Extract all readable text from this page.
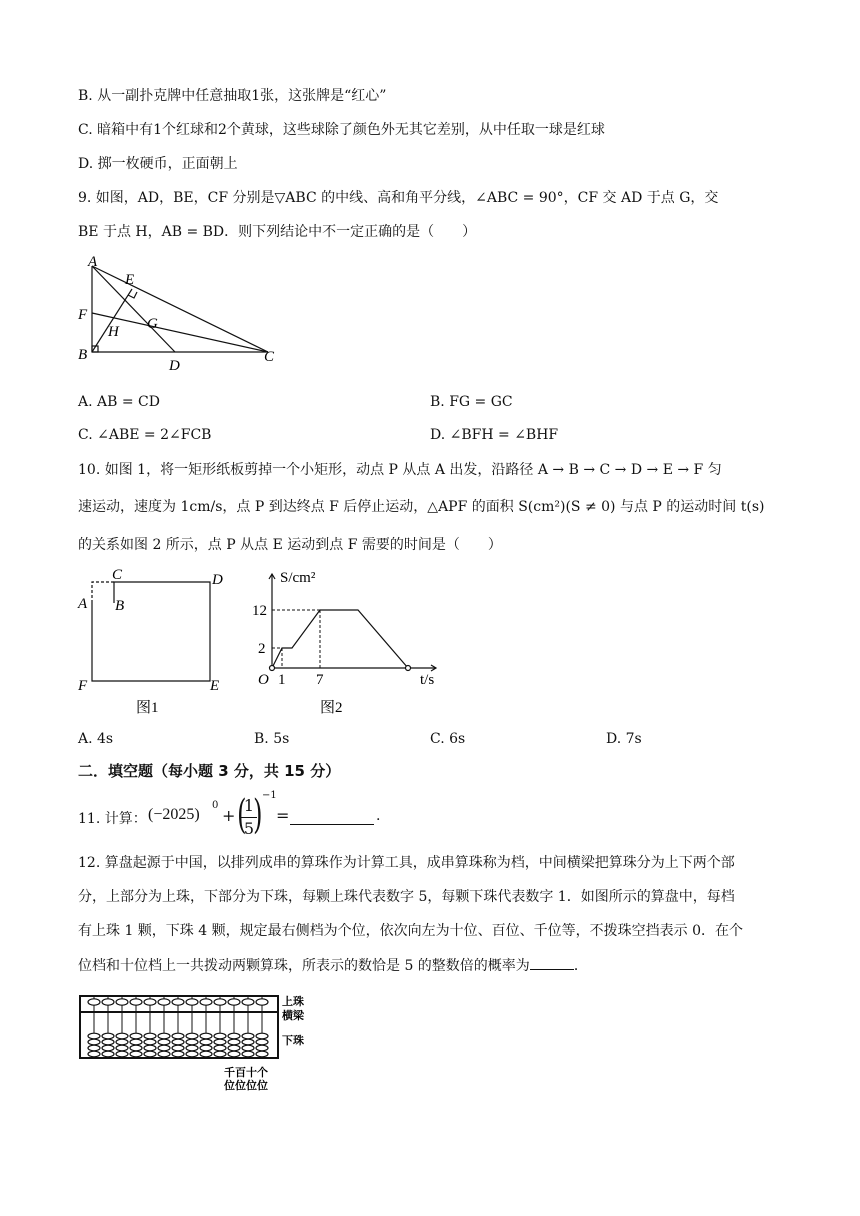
B. 从一副扑克牌中任意抽取1张，这张牌是“红心”
C. 暗箱中有1个红球和2个黄球，这些球除了颜色外无其它差别，从中任取一球是红球
D. 掷一枚硬币，正面朝上
9. 如图，AD，BE，CF 分别是▽ABC 的中线、高和角平分线，∠ABC = 90°，CF 交 AD 于点 G，交
BE 于点 H，AB = BD．则下列结论中不一定正确的是（　　）
A
E
F
G
H
B
D
C
A. AB = CD	B. FG = GC
C. ∠ABE = 2∠FCB	D. ∠BFH = ∠BHF
10. 如图 1，将一矩形纸板剪掉一个小矩形，动点 P 从点 A 出发，沿路径 A → B → C → D → E → F 匀
速运动，速度为 1cm/s，点 P 到达终点 F 后停止运动，△APF 的面积 S(cm²)(S ≠ 0) 与点 P 的运动时间 t(s)
的关系如图 2 所示，点 P 从点 E 运动到点 F 需要的时间是（　　）
C	D
A B
F	E
图1
S/cm²
12
2
O 1 7	t/s
图2
A. 4s	B. 5s	C. 6s	D. 7s
二．填空题（每小题 3 分，共 15 分）
11. 计算： (−2025)
0
+ (
1
5 ) −1
=	.
12. 算盘起源于中国，以排列成串的算珠作为计算工具，成串算珠称为档，中间横梁把算珠分为上下两个部
分，上部分为上珠，下部分为下珠，每颗上珠代表数字 5，每颗下珠代表数字 1．如图所示的算盘中，每档
有上珠 1 颗，下珠 4 颗，规定最右侧档为个位，依次向左为十位、百位、千位等，不拨珠空挡表示 0．在个
位档和十位档上一共拨动两颗算珠，所表示的数恰是 5 的整数倍的概率为	．
上珠
横梁
下珠
千百十个
位位位位
